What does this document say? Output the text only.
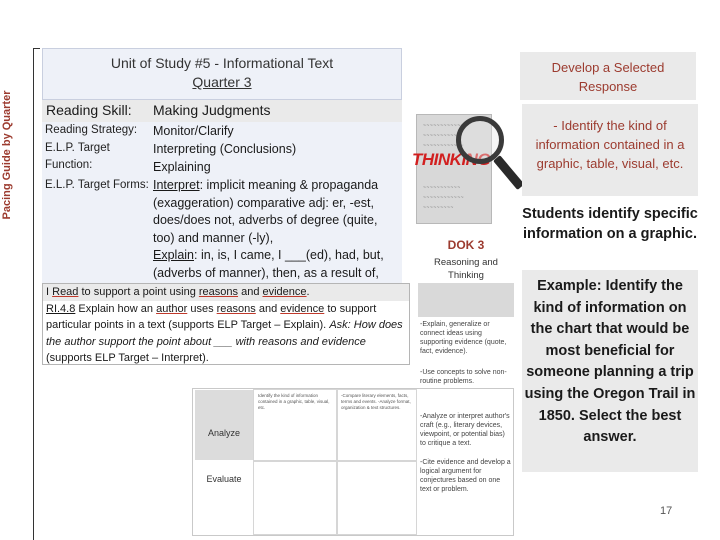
Pacing Guide by Quarter
Unit of Study #5 - Informational Text
Quarter 3
Develop a Selected
Response
Reading Skill: Making Judgments
Reading Strategy:
E.L.P. Target
Function:
E.L.P. Target Forms:
Monitor/Clarify
Interpreting (Conclusions)
Explaining
Interpret: implicit meaning & propaganda
(exaggeration) comparative adj: er, -est,
does/does not, adverbs of degree (quite,
too) and manner (-ly),
Explain: in, is, I came, I ___(ed), had, but,
(adverbs of manner), then, as a result of,
~~~~~~~~~~~~
~~~~~~~~~~
~~~~~~~~~~~~
~~~~~~~~~~~
~~~~~~~~~~~~
~~~~~~~~~
THINKING
DOK 3
Reasoning and
Thinking
I Read to support a point using reasons and evidence.
RI.4.8 Explain how an author uses reasons and evidence to support
particular points in a text (supports ELP Target – Explain). Ask: How does
the author support the point about ___ with reasons and evidence
(supports ELP Target – Interpret).
-Explain, generalize or connect ideas using supporting evidence (quote, fact, evidence).
-Use concepts to solve non-routine problems.
-Analyze or interpret author's craft (e.g., literary devices, viewpoint, or potential bias) to critique a text.
-Cite evidence and develop a logical argument for conjectures based on one text or problem.
Analyze
Evaluate
Identify the kind of information contained in a graphic, table, visual, etc.
-Compare literary elements, facts, terms and events. -Analyze format, organization & text structures.
- Identify the kind of information contained in a graphic, table, visual, etc.
Students identify specific information on a graphic.
Example: Identify the kind of information on the chart that would be most beneficial for someone planning a trip using the Oregon Trail in 1850. Select the best answer.
17
